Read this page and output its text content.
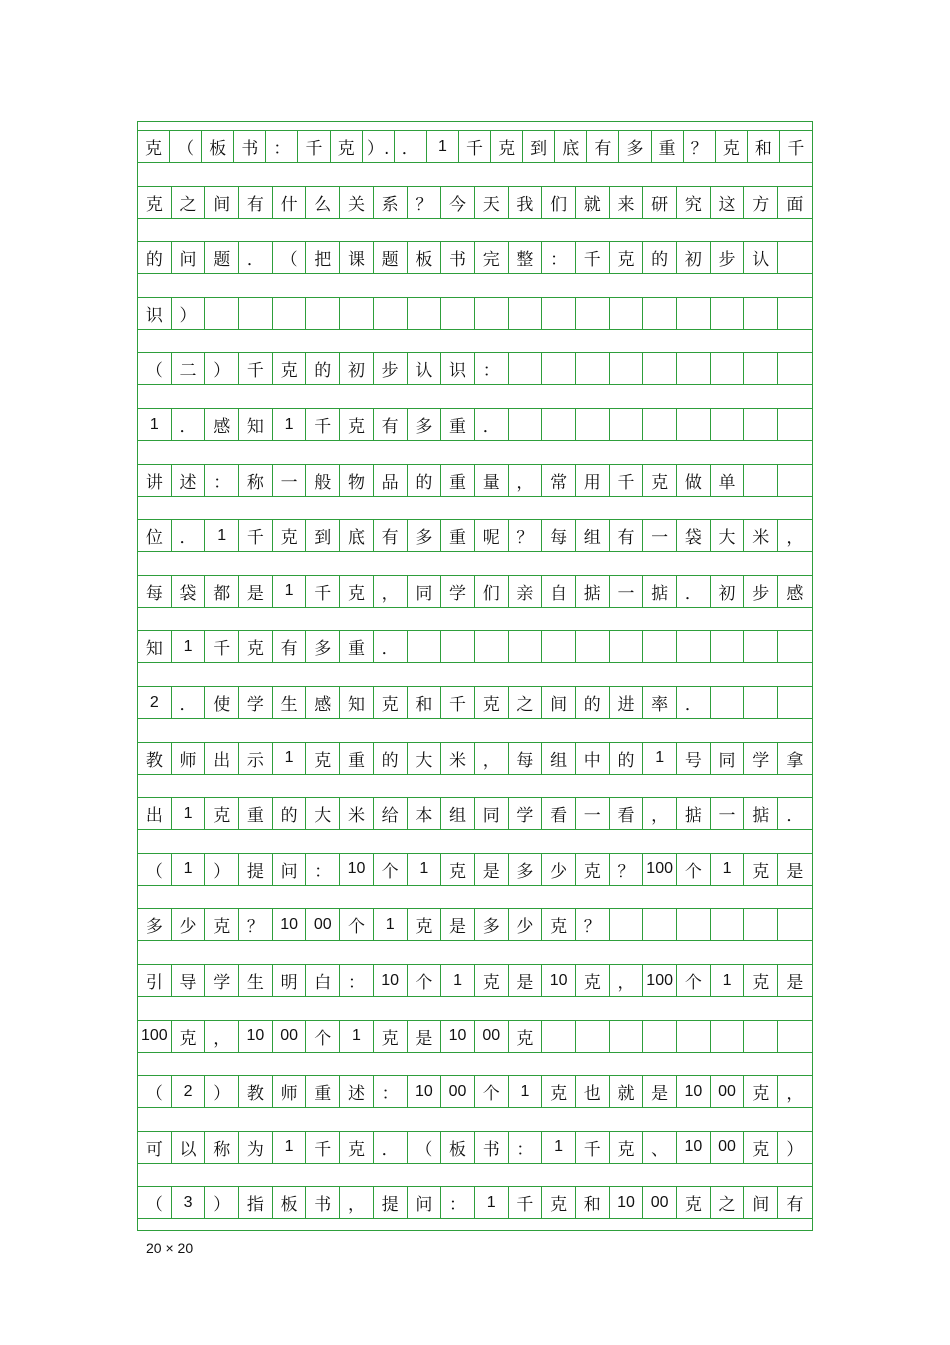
克 （ 板 书 ： 千 克 ）. ．	1	千 克 到 底 有 多 重 ？ 克 和 千
克 之 间 有 什 么 关 系 ？ 今 天 我 们 就 来 研 究 这 方	面
的 问 题 ． （ 把 课 题 板 书 完 整 ： 千 克 的 初 步 认
识 ）
（ 二 ） 千 克 的 初 步 认 识 ：
1	． 感 知	1	千 克 有 多 重 ．
讲 述 ： 称 一 般 物 品 的 重 量 ， 常 用 千 克 做 单
位 ．	1	千 克 到 底 有 多 重 呢 ？ 每 组 有 一 袋 大 米	，
每 袋 都 是	1	千 克 ， 同 学 们 亲 自 掂 一 掂 ． 初 步	感
知	1	千 克 有 多 重 ．
2	． 使 学 生 感 知 克 和 千 克 之 间 的 进 率 ．
教 师 出 示	1	克 重 的 大 米 ， 每 组 中 的	1	号 同 学	拿
出	1	克 重 的 大 米 给 本 组 同 学 看 一 看 ， 掂 一 掂	．
（	1	） 提 问 ：	10 个	1	克 是 多 少 克 ？ 100 个	1	克	是
多 少 克 ？	10 00 个	1	克 是 多 少 克 ？
引 导 学 生 明 白 ：	10 个	1	克 是	10 克 ， 100 个	1	克	是
100 克 ，	10 00 个	1	克 是	10 00 克
（	2	） 教 师 重 述 ：	10 00 个	1	克 也 就 是	10 00 克	，
可 以 称 为	1	千 克 ． （ 板 书 ：	1	千 克 、	10 00 克	）
（	3	） 指 板 书 ， 提 问 ：	1	千 克 和	10 00 克 之 间	有
20 × 20
